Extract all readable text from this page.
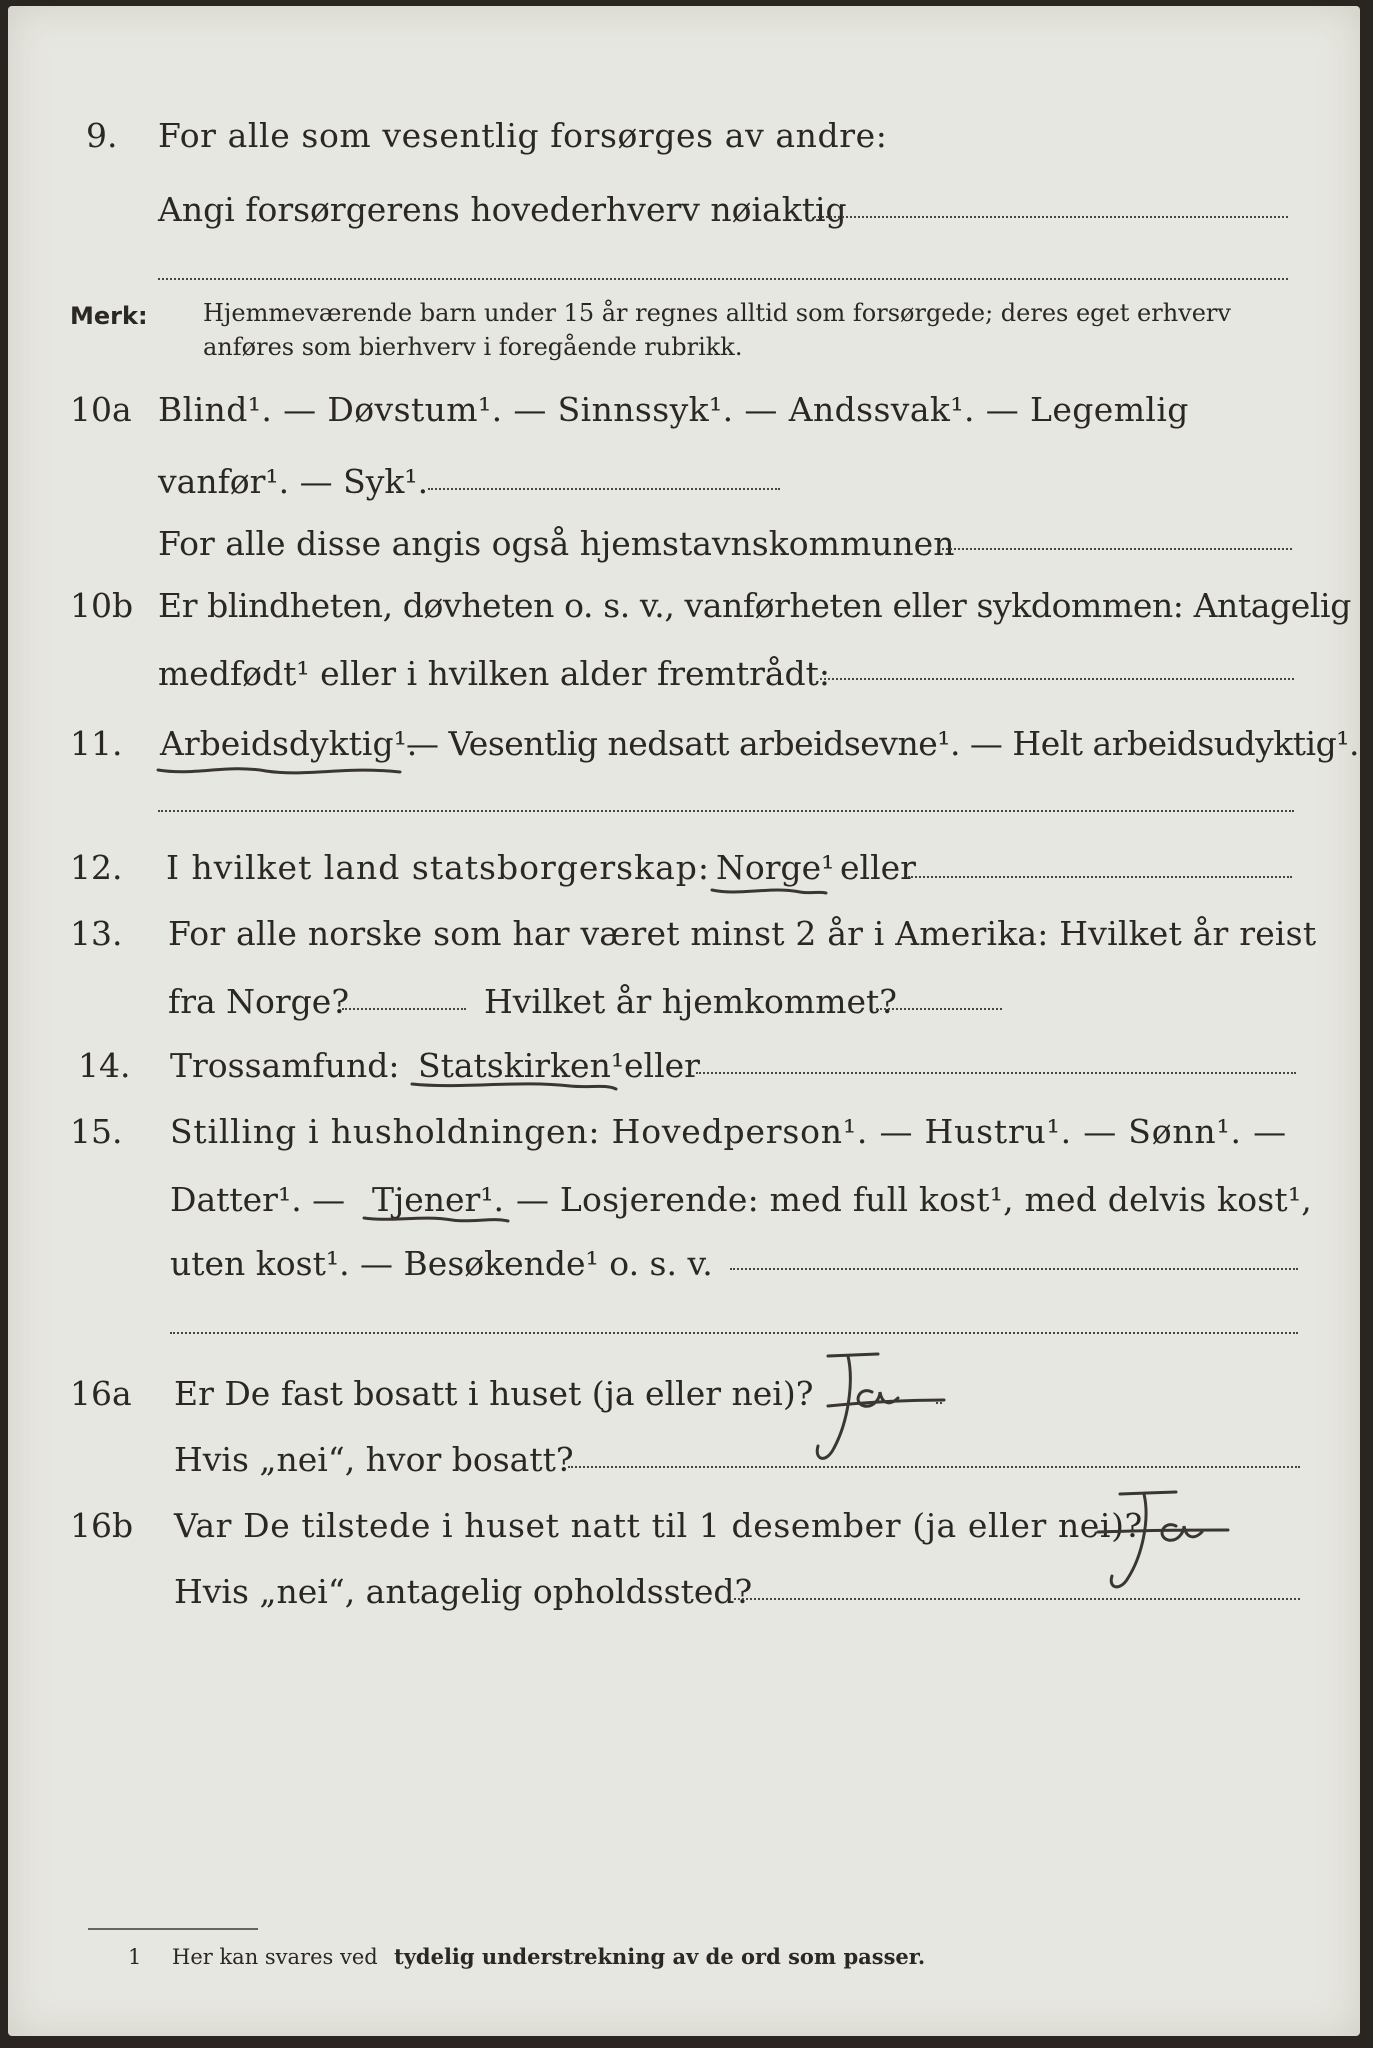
9. For alle som vesentlig forsørges av andre:
Angi forsørgerens hovederhverv nøiaktig
Merk: Hjemmeværende barn under 15 år regnes alltid som forsørgede; deres eget erhverv
anføres som bierhverv i foregående rubrikk.
10a Blind¹. — Døvstum¹. — Sinnssyk¹. — Andssvak¹. — Legemlig
vanfør¹. — Syk¹.
For alle disse angis også hjemstavnskommunen
10b Er blindheten, døvheten o. s. v., vanførheten eller sykdommen: Antagelig
medfødt¹ eller i hvilken alder fremtrådt:
11. Arbeidsdyktig¹.
— Vesentlig nedsatt arbeidsevne¹. — Helt arbeidsudyktig¹.
12. I hvilket land statsborgerskap: Norge¹ eller
13. For alle norske som har været minst 2 år i Amerika: Hvilket år reist
fra Norge?	Hvilket år hjemkommet?
14. Trossamfund: Statskirken¹ eller
15. Stilling i husholdningen: Hovedperson¹. — Hustru¹. — Sønn¹. —
Datter¹. — Tjener¹. — Losjerende: med full kost¹, med delvis kost¹,
uten kost¹. — Besøkende¹ o. s. v.
16a Er De fast bosatt i huset (ja eller nei)?
Hvis „nei“, hvor bosatt?
16b Var De tilstede i huset natt til 1 desember (ja eller nei)?
Hvis „nei“, antagelig opholdssted?
1 Her kan svares ved tydelig understrekning av de ord som passer.
